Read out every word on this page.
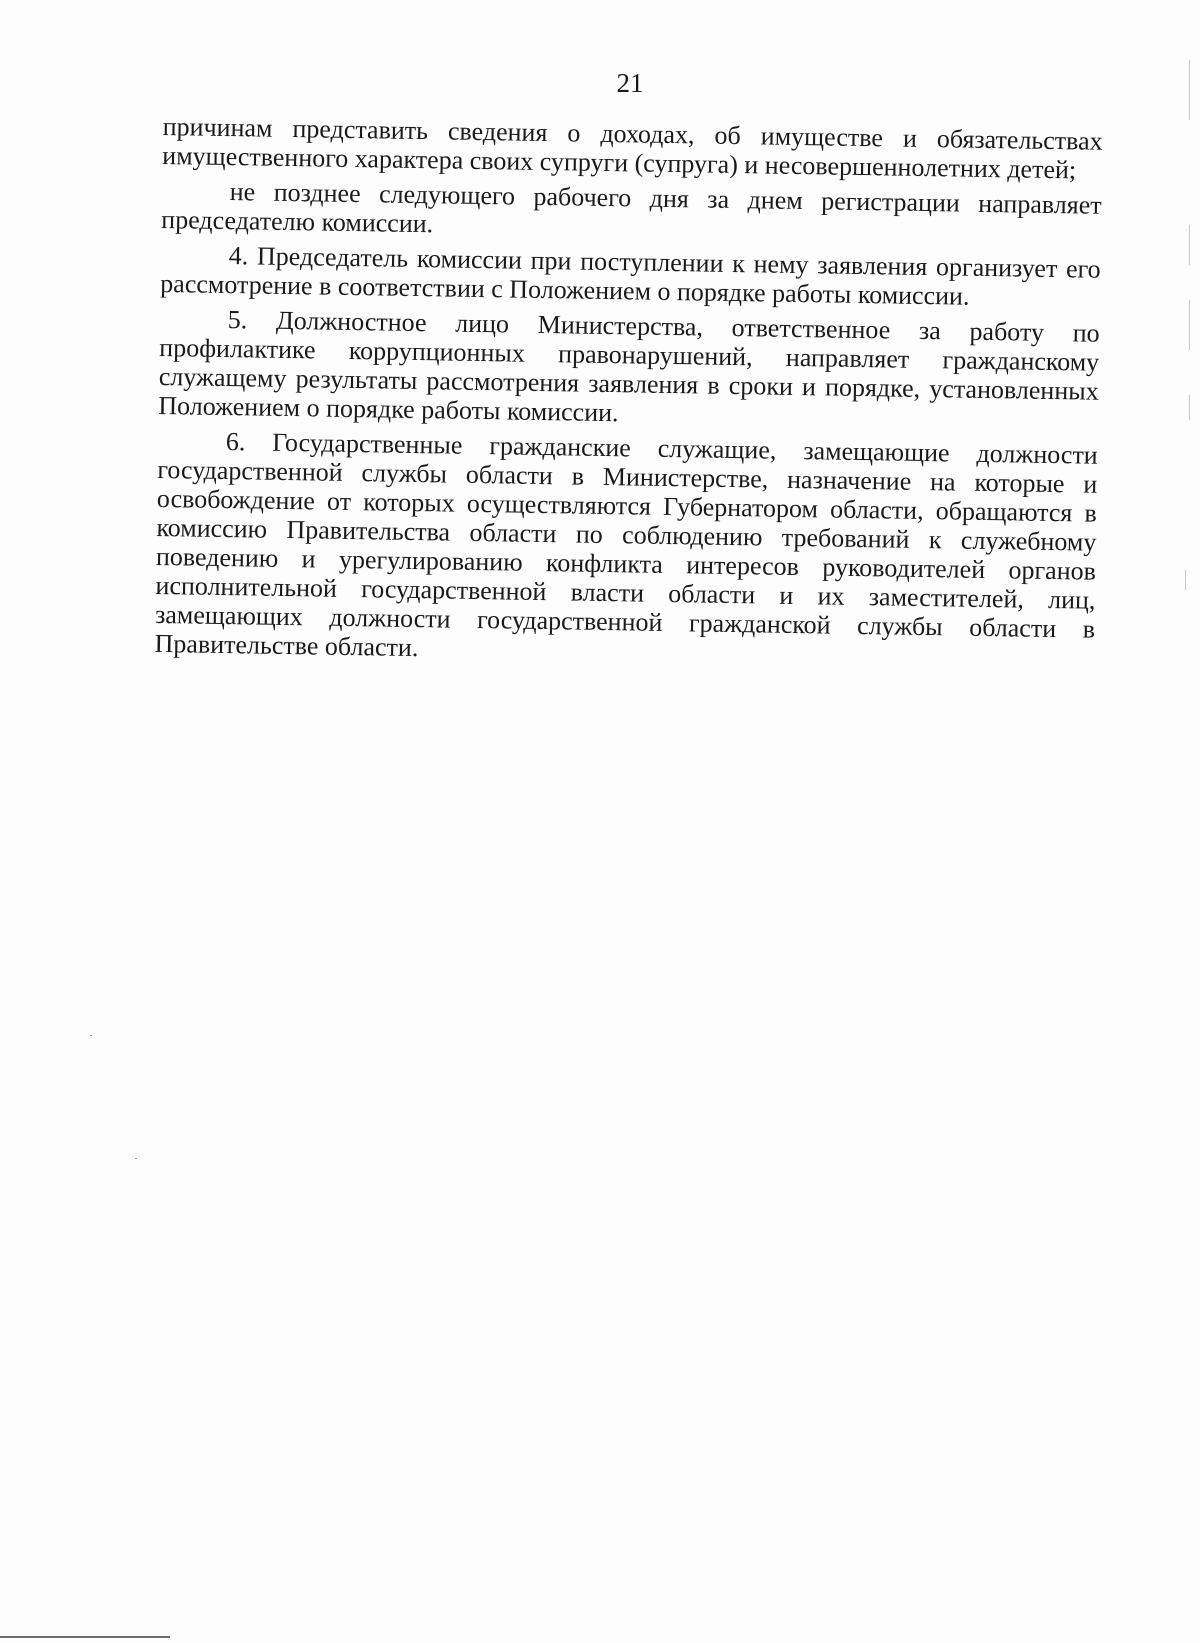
21

причинам представить сведения о доходах, об имуществе и обязательствах имущественного характера своих супруги (супруга) и несовершеннолетних детей;

не позднее следующего рабочего дня за днем регистрации направляет председателю комиссии.

4. Председатель комиссии при поступлении к нему заявления организует его рассмотрение в соответствии с Положением о порядке работы комиссии.

5. Должностное лицо Министерства, ответственное за работу по профилактике коррупционных правонарушений, направляет гражданскому служащему результаты рассмотрения заявления в сроки и порядке, установленных Положением о порядке работы комиссии.

6. Государственные гражданские служащие, замещающие должности государственной службы области в Министерстве, назначение на которые и освобождение от которых осуществляются Губернатором области, обращаются в комиссию Правительства области по соблюдению требований к служебному поведению и урегулированию конфликта интересов руководителей органов исполнительной государственной власти области и их заместителей, лиц, замещающих должности государственной гражданской службы области в Правительстве области.
